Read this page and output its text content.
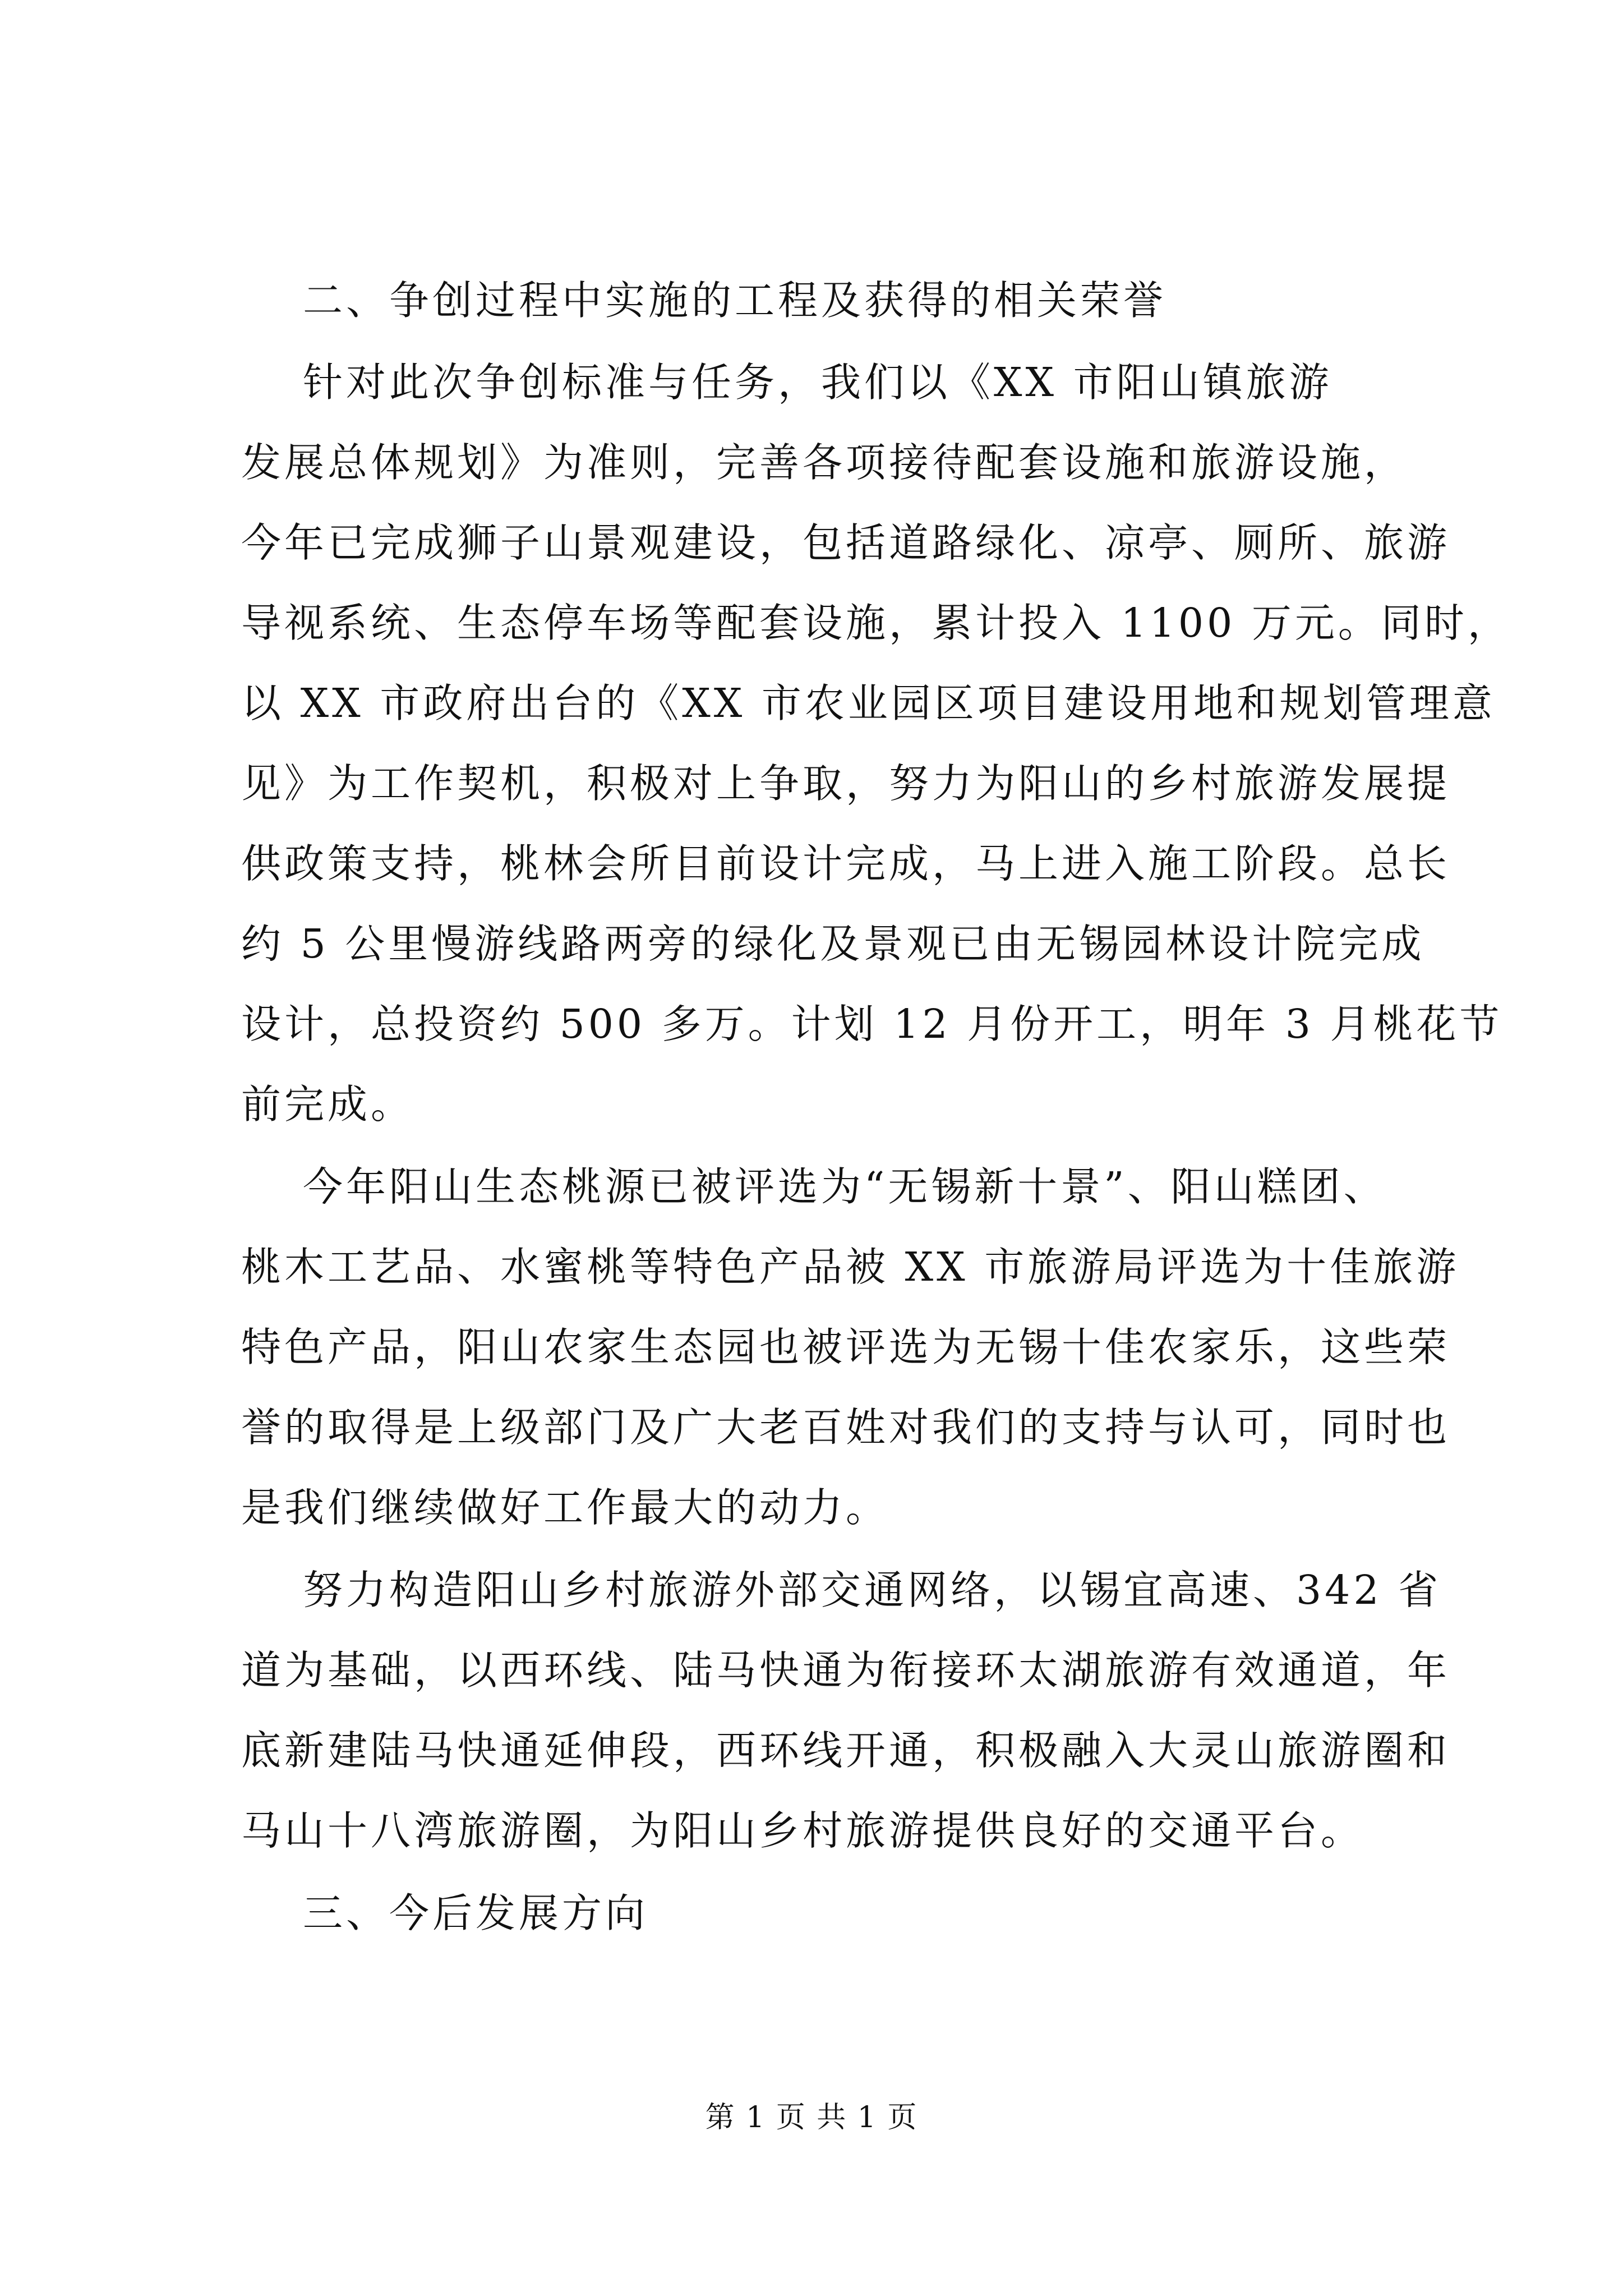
二、争创过程中实施的工程及获得的相关荣誉
针对此次争创标准与任务，我们以《XX 市阳山镇旅游
发展总体规划》为准则，完善各项接待配套设施和旅游设施，
今年已完成狮子山景观建设，包括道路绿化、凉亭、厕所、旅游
导视系统、生态停车场等配套设施，累计投入 1100 万元。同时，
以 XX 市政府出台的《XX 市农业园区项目建设用地和规划管理意
见》为工作契机，积极对上争取，努力为阳山的乡村旅游发展提
供政策支持，桃林会所目前设计完成，马上进入施工阶段。总长
约 5 公里慢游线路两旁的绿化及景观已由无锡园林设计院完成
设计，总投资约 500 多万。计划 12 月份开工，明年 3 月桃花节
前完成。
今年阳山生态桃源已被评选为“无锡新十景”、阳山糕团、
桃木工艺品、水蜜桃等特色产品被 XX 市旅游局评选为十佳旅游
特色产品，阳山农家生态园也被评选为无锡十佳农家乐，这些荣
誉的取得是上级部门及广大老百姓对我们的支持与认可，同时也
是我们继续做好工作最大的动力。
努力构造阳山乡村旅游外部交通网络，以锡宜高速、342 省
道为基础，以西环线、陆马快通为衔接环太湖旅游有效通道，年
底新建陆马快通延伸段，西环线开通，积极融入大灵山旅游圈和
马山十八湾旅游圈，为阳山乡村旅游提供良好的交通平台。
三、今后发展方向
第 1 页 共 1 页
